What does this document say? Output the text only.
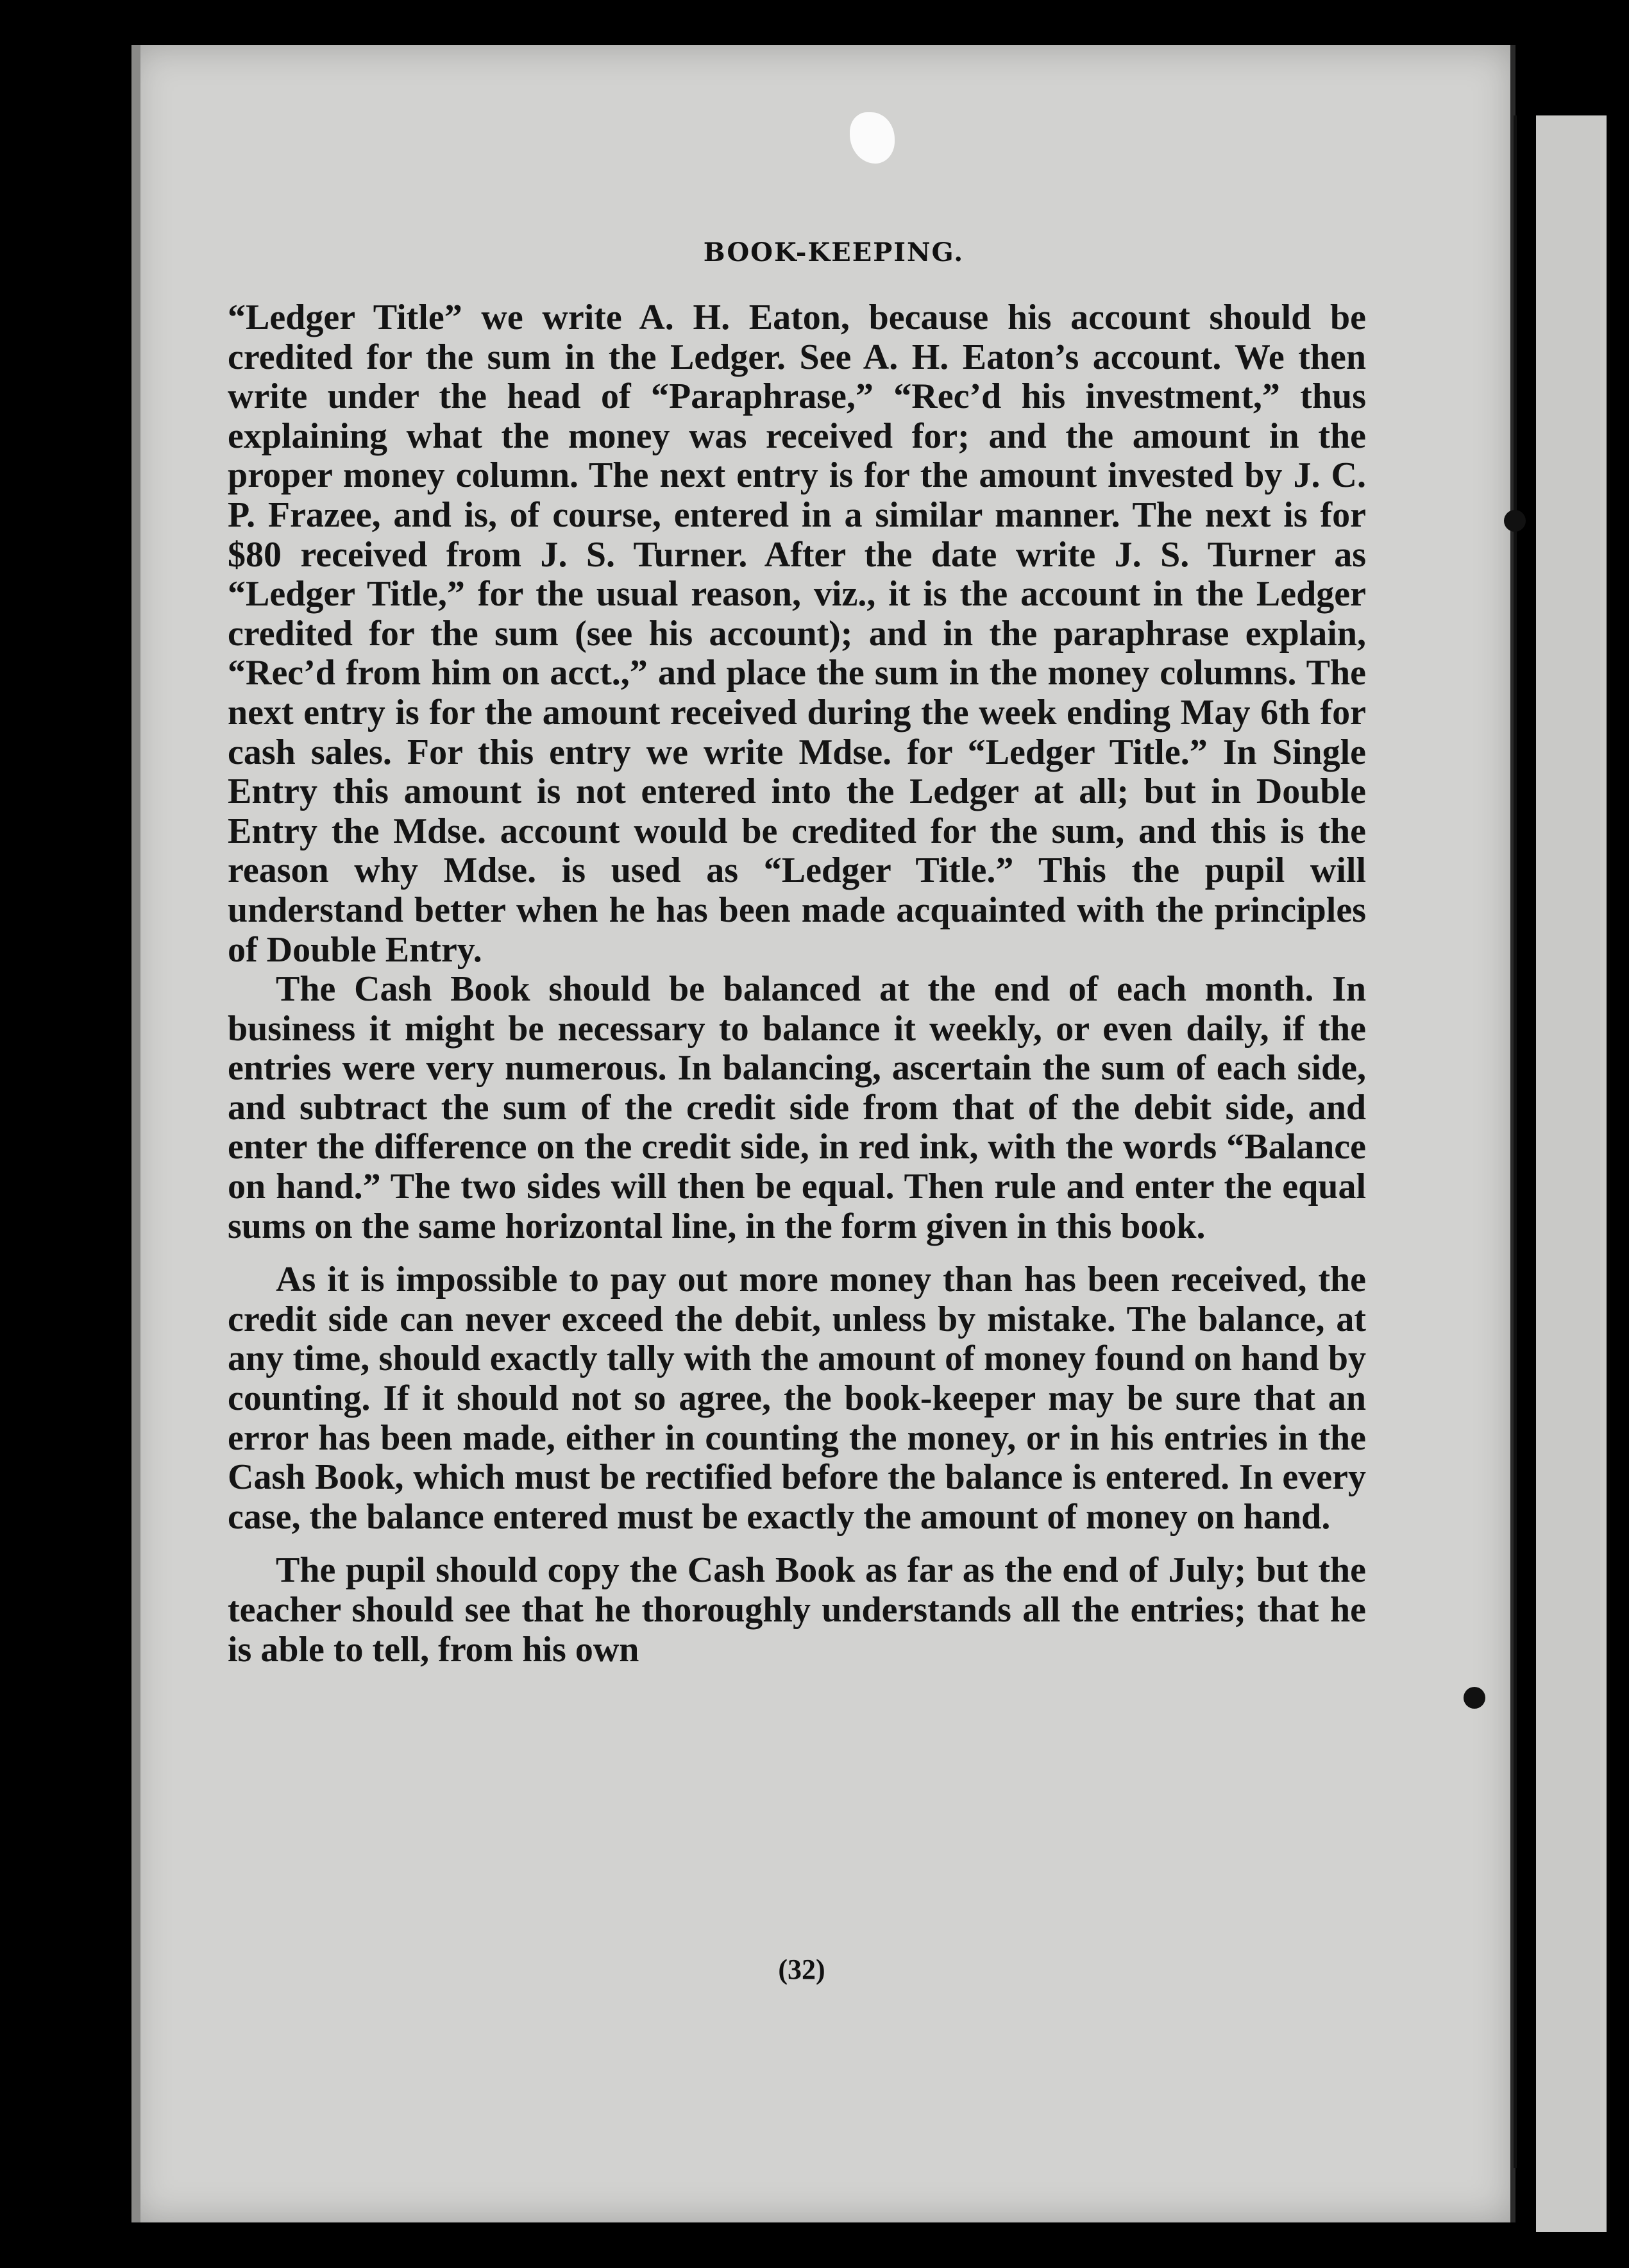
BOOK-KEEPING.

“Ledger Title” we write A. H. Eaton, because his account should be credited for the sum in the Ledger. See A. H. Eaton’s account. We then write under the head of “Paraphrase,” “Rec’d his investment,” thus explaining what the money was received for; and the amount in the proper money column. The next entry is for the amount invested by J. C. P. Frazee, and is, of course, entered in a similar manner. The next is for $80 received from J. S. Turner. After the date write J. S. Turner as “Ledger Title,” for the usual reason, viz., it is the account in the Ledger credited for the sum (see his account); and in the paraphrase explain, “Rec’d from him on acct.,” and place the sum in the money columns. The next entry is for the amount received during the week ending May 6th for cash sales. For this entry we write Mdse. for “Ledger Title.” In Single Entry this amount is not entered into the Ledger at all; but in Double Entry the Mdse. account would be credited for the sum, and this is the reason why Mdse. is used as “Ledger Title.” This the pupil will understand better when he has been made acquainted with the principles of Double Entry.

The Cash Book should be balanced at the end of each month. In business it might be necessary to balance it weekly, or even daily, if the entries were very numerous. In balancing, ascertain the sum of each side, and subtract the sum of the credit side from that of the debit side, and enter the difference on the credit side, in red ink, with the words “Balance on hand.” The two sides will then be equal. Then rule and enter the equal sums on the same horizontal line, in the form given in this book.

As it is impossible to pay out more money than has been received, the credit side can never exceed the debit, unless by mistake. The balance, at any time, should exactly tally with the amount of money found on hand by counting. If it should not so agree, the book-keeper may be sure that an error has been made, either in counting the money, or in his entries in the Cash Book, which must be rectified before the balance is entered. In every case, the balance entered must be exactly the amount of money on hand.

The pupil should copy the Cash Book as far as the end of July; but the teacher should see that he thoroughly understands all the entries; that he is able to tell, from his own

(32)
